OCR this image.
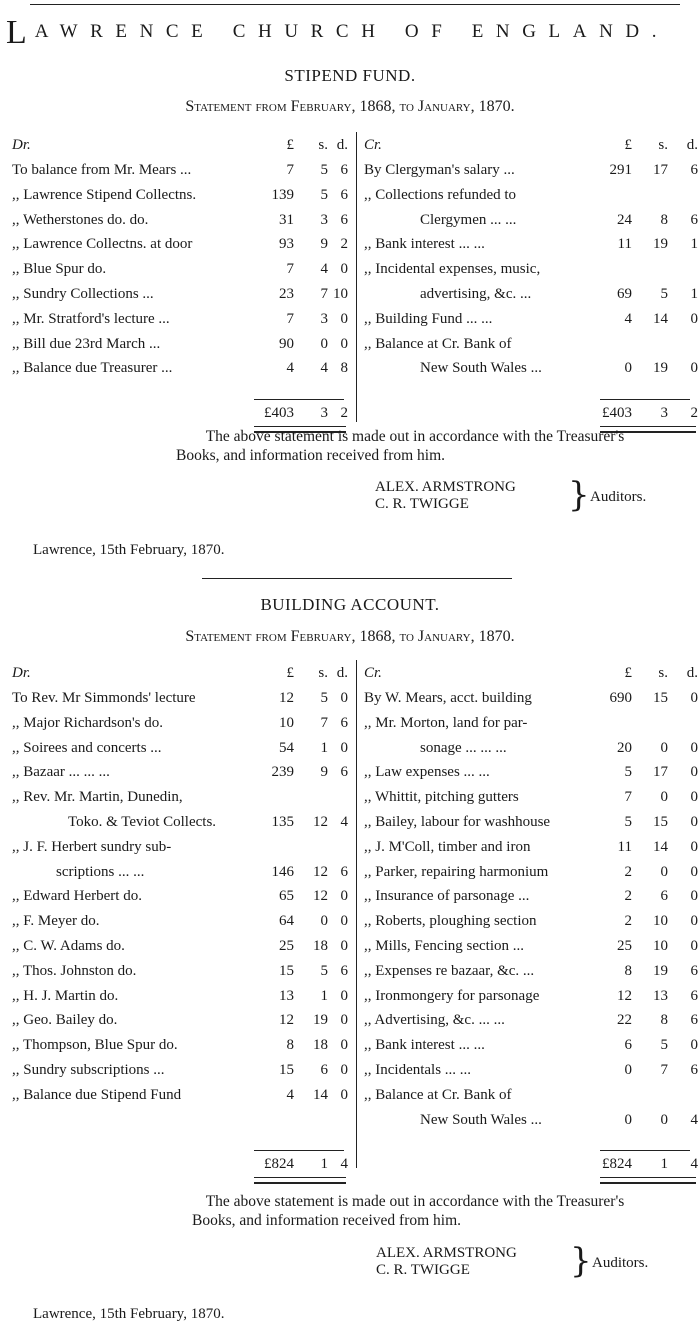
LAWRENCE CHURCH OF ENGLAND.
STIPEND FUND.
Statement from February, 1868, to January, 1870.
Dr.	£	s. d.
To balance from Mr. Mears ...	7	5 6
,, Lawrence Stipend Collectns.	139	5 6
,, Wetherstones do. do.	31	3 6
,, Lawrence Collectns. at door	93	9 2
,, Blue Spur do.	7	4 0
,, Sundry Collections ...	23	7 10
,, Mr. Stratford's lecture ...	7	3 0
,, Bill due 23rd March ...	90	0 0
,, Balance due Treasurer ...	4	4 8
£403	3 2
Cr.	£	s.	d.
By Clergyman's salary ...	291	17	6
,, Collections refunded to
Clergymen ... ...	24	8	6
,, Bank interest ... ...	11	19	1
,, Incidental expenses, music,
advertising, &c. ...	69	5	1
,, Building Fund ... ...	4	14	0
,, Balance at Cr. Bank of
New South Wales ...	0	19	0
£403	3	2
The above statement is made out in accordance with the Treasurer's
Books, and information received from him.
ALEX. ARMSTRONG
C. R. TWIGGE	} Auditors.
Lawrence, 15th February, 1870.
BUILDING ACCOUNT.
Statement from February, 1868, to January, 1870.
Dr.	£	s. d.
To Rev. Mr Simmonds' lecture	12	5 0
,, Major Richardson's do.	10	7 6
,, Soirees and concerts ...	54	1 0
,, Bazaar ... ... ...	239	9 6
,, Rev. Mr. Martin, Dunedin,
Toko. & Teviot Collects.	135	12 4
,, J. F. Herbert sundry sub-
scriptions ... ...	146	12 6
,, Edward Herbert do.	65	12 0
,, F. Meyer do.	64	0 0
,, C. W. Adams do.	25	18 0
,, Thos. Johnston do.	15	5 6
,, H. J. Martin do.	13	1 0
,, Geo. Bailey do.	12	19 0
,, Thompson, Blue Spur do.	8	18 0
,, Sundry subscriptions ...	15	6 0
,, Balance due Stipend Fund	4	14 0
£824	1 4
Cr.	£	s.	d.
By W. Mears, acct. building	690	15	0
,, Mr. Morton, land for par-
sonage ... ... ...	20	0	0
,, Law expenses ... ...	5	17	0
,, Whittit, pitching gutters	7	0	0
,, Bailey, labour for washhouse	5	15	0
,, J. M'Coll, timber and iron	11	14	0
,, Parker, repairing harmonium	2	0	0
,, Insurance of parsonage ...	2	6	0
,, Roberts, ploughing section	2	10	0
,, Mills, Fencing section ...	25	10	0
,, Expenses re bazaar, &c. ...	8	19	6
,, Ironmongery for parsonage	12	13	6
,, Advertising, &c. ... ...	22	8	6
,, Bank interest ... ...	6	5	0
,, Incidentals ... ...	0	7	6
,, Balance at Cr. Bank of
New South Wales ...	0	0	4
£824	1	4
The above statement is made out in accordance with the Treasurer's
Books, and information received from him.
ALEX. ARMSTRONG
C. R. TWIGGE	} Auditors.
Lawrence, 15th February, 1870.
